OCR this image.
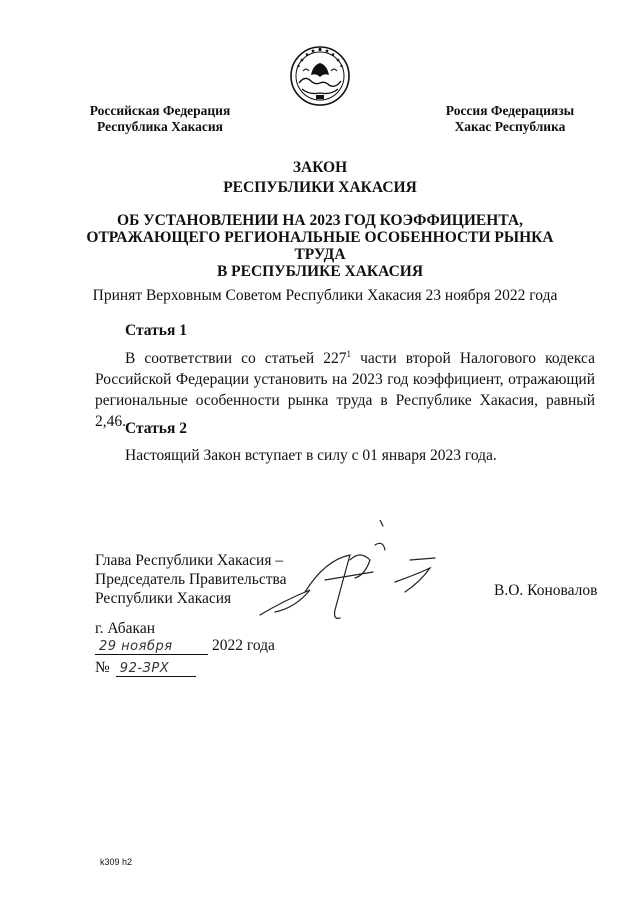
Российская Федерация
Республика Хакасия
Россия Федерациязы
Хакас Республика
ЗАКОН
РЕСПУБЛИКИ ХАКАСИЯ
ОБ УСТАНОВЛЕНИИ НА 2023 ГОД КОЭФФИЦИЕНТА,
ОТРАЖАЮЩЕГО РЕГИОНАЛЬНЫЕ ОСОБЕННОСТИ РЫНКА ТРУДА
В РЕСПУБЛИКЕ ХАКАСИЯ
Принят Верховным Советом Республики Хакасия 23 ноября 2022 года
Статья 1
В соответствии со статьей $227^1$ части второй Налогового кодекса Российской Федерации установить на 2023 год коэффициент, отражающий региональные особенности рынка труда в Республике Хакасия, равный 2,46. Статья 2
Настоящий Закон вступает в силу с 01 января 2023 года.
Глава Республики Хакасия –
Председатель Правительства
Республики Хакасия	В.О. Коновалов
г. Абакан
29 ноября	2022 года
№ 92-ЗРХ
k309 h2
